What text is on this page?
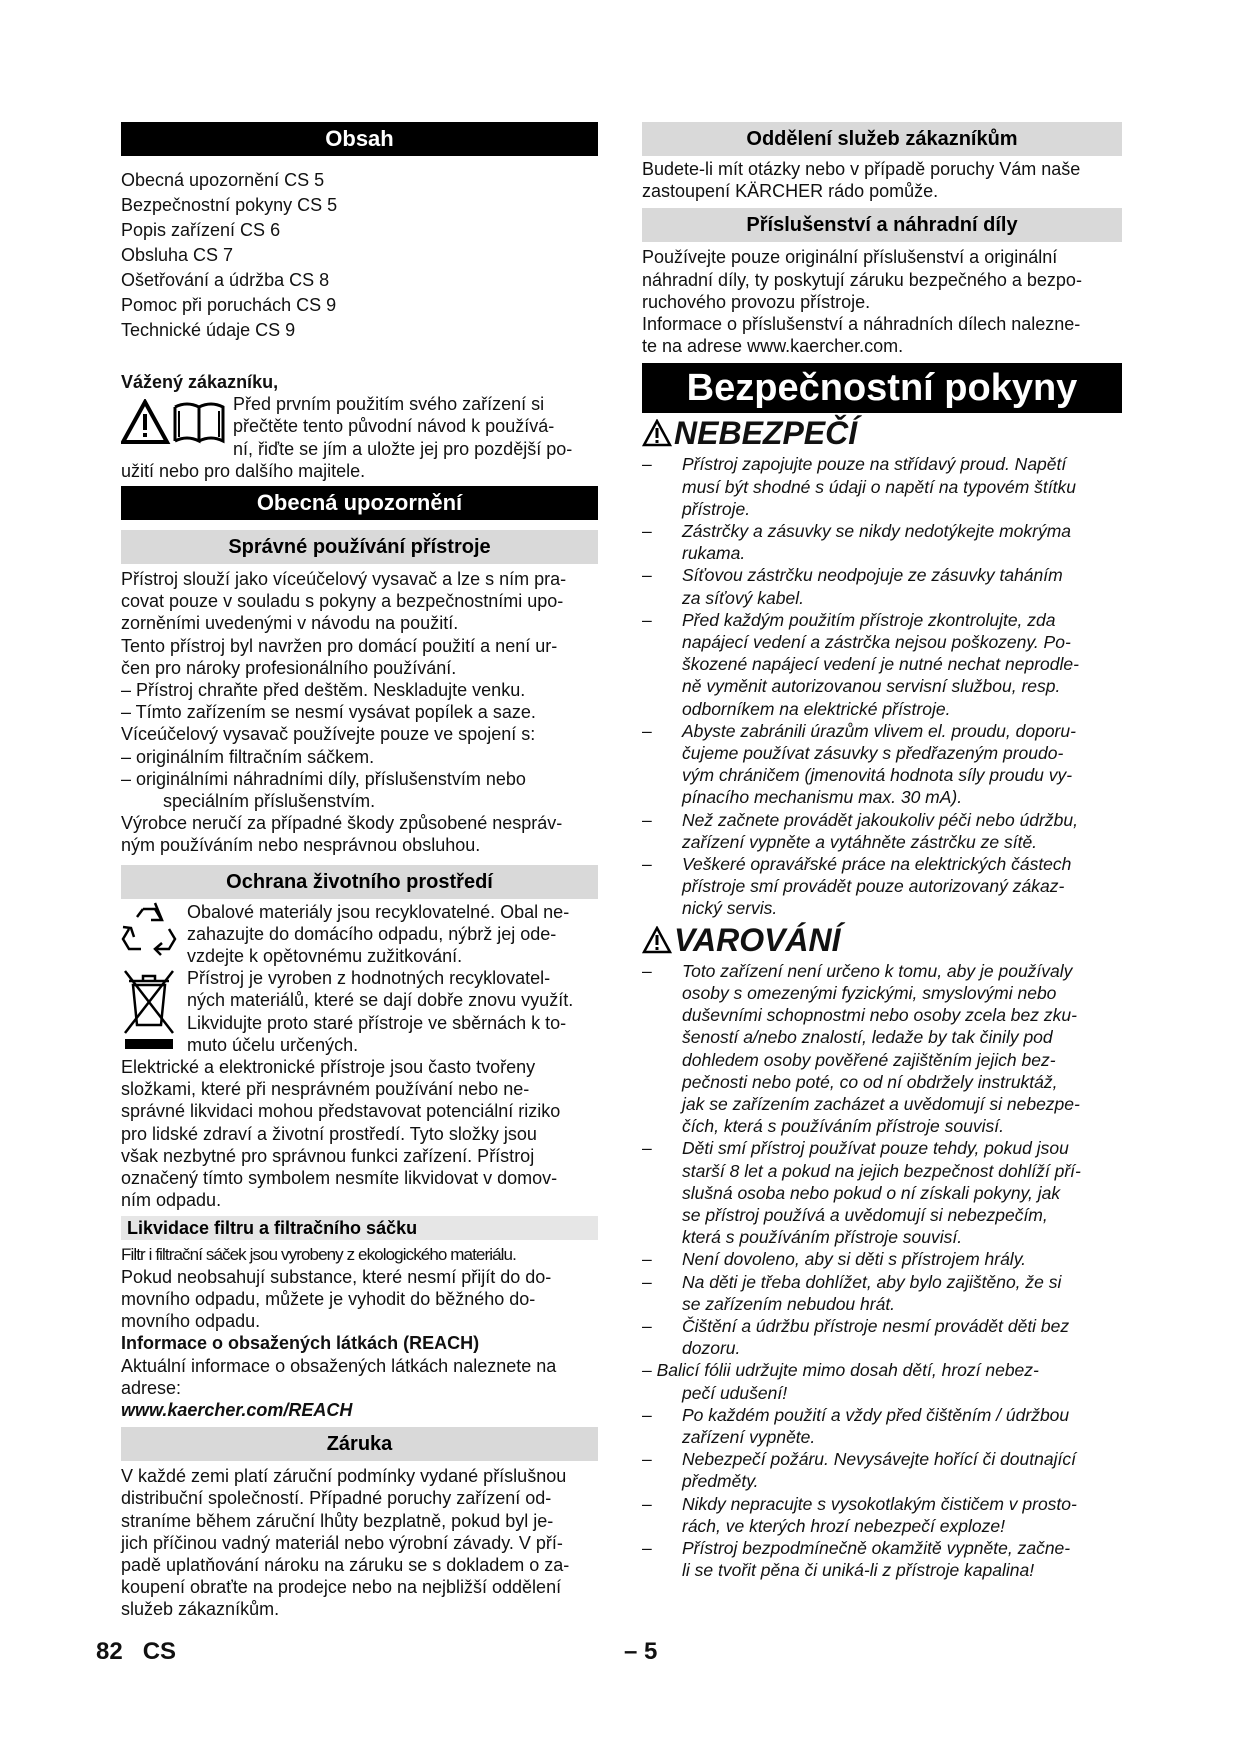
Obsah
Obecná upozornění CS 5
Bezpečnostní pokyny CS 5
Popis zařízení CS 6
Obsluha CS 7
Ošetřování a údržba CS 8
Pomoc při poruchách CS 9
Technické údaje CS 9

Vážený zákazníku,

Před prvním použitím svého zařízení si

přečtěte tento původní návod k používá-

ní, řiďte se jím a uložte jej pro pozdější po-

užití nebo pro dalšího majitele.

Obecná upozornění
Správné používání přístroje

Přístroj slouží jako víceúčelový vysavač a lze s ním pra-

covat pouze v souladu s pokyny a bezpečnostními upo-

zorněními uvedenými v návodu na použití.

Tento přístroj byl navržen pro domácí použití a není ur-

čen pro nároky profesionálního používání.

– Přístroj chraňte před deštěm. Neskladujte venku.

– Tímto zařízením se nesmí vysávat popílek a saze.

Víceúčelový vysavač používejte pouze ve spojení s:

– originálním filtračním sáčkem.

– originálními náhradními díly, příslušenstvím nebo

speciálním příslušenstvím.

Výrobce neručí za případné škody způsobené nespráv-

ným používáním nebo nesprávnou obsluhou.

Ochrana životního prostředí

Obalové materiály jsou recyklovatelné. Obal ne-

zahazujte do domácího odpadu, nýbrž jej ode-

vzdejte k opětovnému zužitkování.

Přístroj je vyroben z hodnotných recyklovatel-

ných materiálů, které se dají dobře znovu využít.

Likvidujte proto staré přístroje ve sběrnách k to-

muto účelu určených.

Elektrické a elektronické přístroje jsou často tvořeny

složkami, které při nesprávném používání nebo ne-

správné likvidaci mohou představovat potenciální riziko

pro lidské zdraví a životní prostředí. Tyto složky jsou

však nezbytné pro správnou funkci zařízení. Přístroj

označený tímto symbolem nesmíte likvidovat v domov-

ním odpadu.

Likvidace filtru a filtračního sáčku

Filtr i filtrační sáček jsou vyrobeny z ekologického materiálu.

Pokud neobsahují substance, které nesmí přijít do do-

movního odpadu, můžete je vyhodit do běžného do-

movního odpadu.

Informace o obsažených látkách (REACH)

Aktuální informace o obsažených látkách naleznete na

adrese:

www.kaercher.com/REACH

Záruka

V každé zemi platí záruční podmínky vydané příslušnou

distribuční společností. Případné poruchy zařízení od-

straníme během záruční lhůty bezplatně, pokud byl je-

jich příčinou vadný materiál nebo výrobní závady. V pří-

padě uplatňování nároku na záruku se s dokladem o za-

koupení obraťte na prodejce nebo na nejbližší oddělení

služeb zákazníkům.

Oddělení služeb zákazníkům

Budete-li mít otázky nebo v případě poruchy Vám naše

zastoupení KÄRCHER rádo pomůže.

Příslušenství a náhradní díly

Používejte pouze originální příslušenství a originální

náhradní díly, ty poskytují záruku bezpečného a bezpo-

ruchového provozu přístroje.

Informace o příslušenství a náhradních dílech nalezne-

te na adrese www.kaercher.com.

Bezpečnostní pokyny
NEBEZPEČÍ
– Přístroj zapojujte pouze na střídavý proud. Napětí
musí být shodné s údaji o napětí na typovém štítku
přístroje.
– Zástrčky a zásuvky se nikdy nedotýkejte mokrýma
rukama.
– Síťovou zástrčku neodpojuje ze zásuvky taháním
za síťový kabel.
– Před každým použitím přístroje zkontrolujte, zda
napájecí vedení a zástrčka nejsou poškozeny. Po-
škozené napájecí vedení je nutné nechat neprodle-
ně vyměnit autorizovanou servisní službou, resp.
odborníkem na elektrické přístroje.
– Abyste zabránili úrazům vlivem el. proudu, doporu-
čujeme používat zásuvky s předřazeným proudo-
vým chráničem (jmenovitá hodnota síly proudu vy-
pínacího mechanismu max. 30 mA).
– Než začnete provádět jakoukoliv péči nebo údržbu,
zařízení vypněte a vytáhněte zástrčku ze sítě.
– Veškeré opravářské práce na elektrických částech
přístroje smí provádět pouze autorizovaný zákaz-
nický servis.
VAROVÁNÍ
– Toto zařízení není určeno k tomu, aby je používaly
osoby s omezenými fyzickými, smyslovými nebo
duševními schopnostmi nebo osoby zcela bez zku-
šeností a/nebo znalostí, ledaže by tak činily pod
dohledem osoby pověřené zajištěním jejich bez-
pečnosti nebo poté, co od ní obdržely instruktáž,
jak se zařízením zacházet a uvědomují si nebezpe-
čích, která s používáním přístroje souvisí.
– Děti smí přístroj používat pouze tehdy, pokud jsou
starší 8 let a pokud na jejich bezpečnost dohlíží pří-
slušná osoba nebo pokud o ní získali pokyny, jak
se přístroj používá a uvědomují si nebezpečím,
která s používáním přístroje souvisí.
– Není dovoleno, aby si děti s přístrojem hrály.
– Na děti je třeba dohlížet, aby bylo zajištěno, že si
se zařízením nebudou hrát.
– Čištění a údržbu přístroje nesmí provádět děti bez
dozoru.

– Balicí fólii udržujte mimo dosah dětí, hrozí nebez-

pečí udušení!

– Po každém použití a vždy před čištěním / údržbou
zařízení vypněte.
– Nebezpečí požáru. Nevysávejte hořící či doutnající
předměty.
– Nikdy nepracujte s vysokotlakým čističem v prosto-
rách, ve kterých hrozí nebezpečí exploze!
– Přístroj bezpodmínečně okamžitě vypněte, začne-
li se tvořit pěna či uniká-li z přístroje kapalina!
82   CS	– 5
